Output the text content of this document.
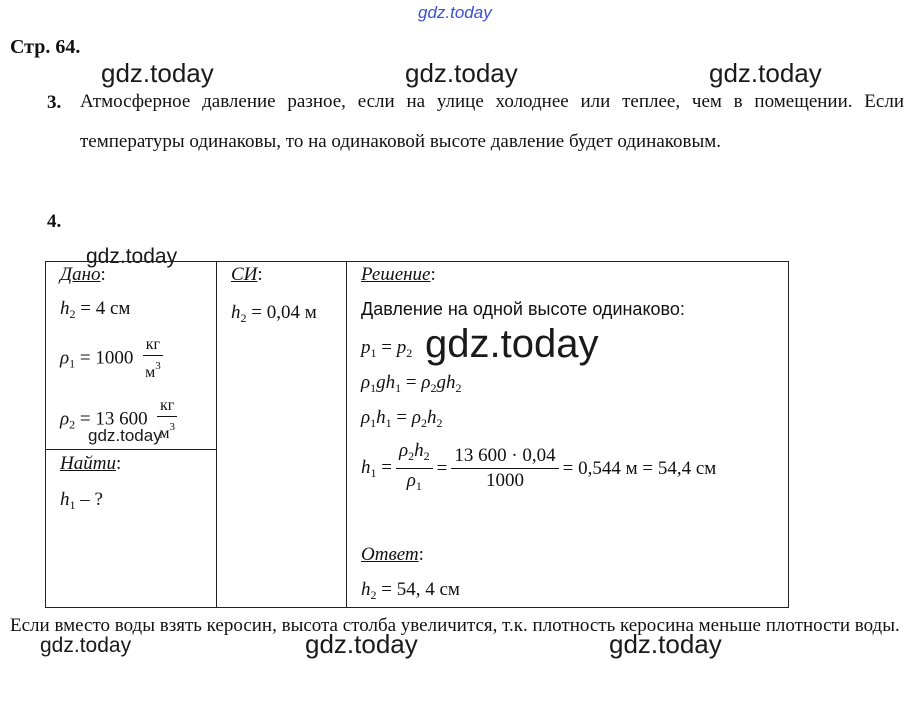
gdz.today
Стр. 64.
gdz.today	gdz.today	gdz.today
3. Атмосферное давление разное, если на улице холоднее или теплее, чем в помещении. Если температуры одинаковы, то на одинаковой высоте давление будет одинаковым.
4.
gdz.today
Дано:
$h_2 = 4$ см
$\rho_1 = 1000 \frac{кг}{м^3}$
$\rho_2 = 13$ $600 \frac{кг}{м^3}$
gdz.today
Найти:
$h_1$ – ?
СИ:
$h_2 = 0,04$ м
Решение:
Давление на одной высоте одинаково:
$p_1 = p_2$ gdz.today
$\rho_1gh_1 = \rho_2gh_2$
$\rho_1h_1 = \rho_2h_2$
$h_1 = \frac{\rho_2h_2}{\rho_1} = \frac{13 600 \cdot 0,04}{1000} = 0,544$ м = 54,4 см
Ответ:
$h_2 = 54$, 4 см
Если вместо воды взять керосин, высота столба увеличится, т.к. плотность керосина меньше плотности воды.
gdz.today	gdz.today	gdz.today
